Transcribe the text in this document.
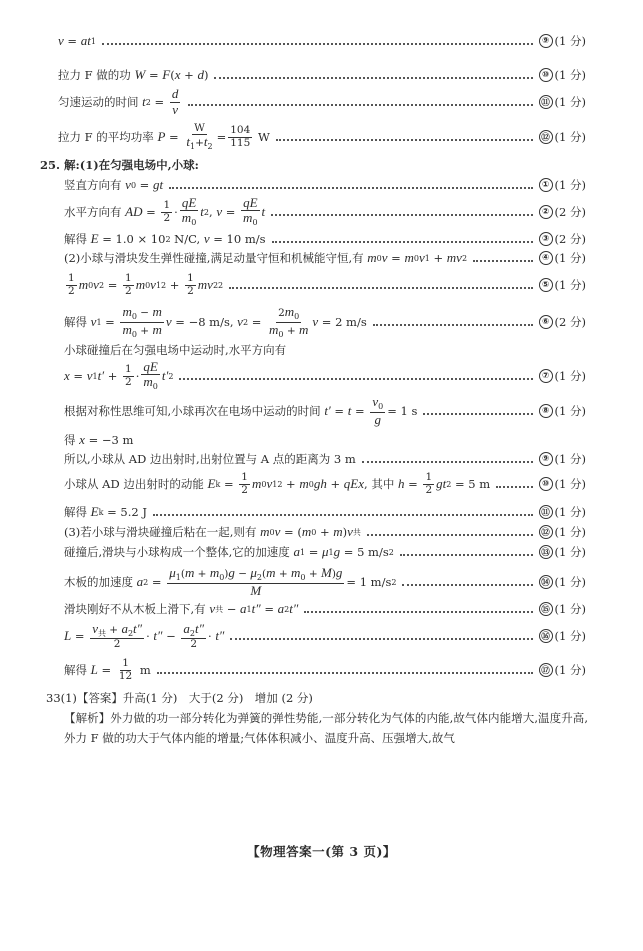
v = at 1	⑨ (1 分)
拉力 F 做的功
W = F ( x + d )	⑩ (1 分)
匀速运动的时间
t $2 = \frac{d}{v}$	⑪ (1 分)
拉力 F 的平均功率
$P = \frac{W}{t_1+t_2} = \frac{104}{115}$ W	⑫ (1 分)
25. 解:(1)在匀强电场中,小球:
竖直方向有
v 0 = gt	① (1 分)
水平方向有
AD = $\frac{1}{2} \cdot \frac{qE}{m_0}$ t 2 , $v = \frac{qE}{m_0}$ t	② (2 分)
解得
E = 1.0 × 10 2 N/C, v = 10 m/s	③ (2 分)
(2)小球与滑块发生弹性碰撞,满足动量守恒和机械能守恒,有
m 0 v = m 0 v 1 + mv 2	④ (1 分)
$\frac{1}{2}$ m 0 v $2 = \frac{1}{2}$ m 0 v 1 $2 + \frac{1}{2}$ mv 2 2	⑤ (1 分)
解得
v $1 = \frac{m_0 - m}{m_0 + m}$ v = −8 m/s, v $2 = \frac{2m_0}{m_0 + m}$ v = 2 m/s	⑥ (2 分)
小球碰撞后在匀强电场中运动时,水平方向有
x = v 1 $t' + \frac{1}{2} \cdot \frac{qE}{m_0} t'$ 2	⑦ (1 分)
根据对称性思维可知,小球再次在电场中运动的时间
$t' = t = \frac{v_0}{g} = 1$ s	⑧ (1 分)
得
x = −3 m
所以,小球从 AD 边出射时,出射位置与 A 点的距离为 3 m	⑨ (1 分)
小球从 AD 边出射时的动能
E $k = \frac{1}{2}$ m 0 v 1 2 + m 0 gh + qEx , 其中 $h = \frac{1}{2}$ gt 2 = 5 m	⑩ (1 分)
解得
E k = 5.2 J	⑪ (1 分)
(3)若小球与滑块碰撞后粘在一起,则有
m 0 v = ( m 0 + m ) v 共	⑫ (1 分)
碰撞后,滑块与小球构成一个整体,它的加速度
a 1 = μ 1 g = 5 m/s 2	⑬ (1 分)
木板的加速度
a $2 = \frac{\mu_1(m + m_0)g - \mu_2(m + m_0 + M)g}{M} = 1$ m/s 2	⑭ (1 分)
滑块刚好不从木板上滑下,有
v 共 − a 1 t″ = a 2 t″	⑮ (1 分)
$L = \frac{v_共 + a_2t''}{2} \cdot t'' - \frac{a_2t''}{2} \cdot t''$	⑯ (1 分)
解得
$L = \frac{1}{12}$ m	⑰ (1 分)
33(1)【答案】升高(1 分)　大于(2 分)　增加 (2 分)
【解析】外力做的功一部分转化为弹簧的弹性势能,一部分转化为气体的内能,故气体内能增大,温度升高,外力 F 做的功大于气体内能的增量;气体体积减小、温度升高、压强增大,故气
【物理答案一(第 3 页)】
